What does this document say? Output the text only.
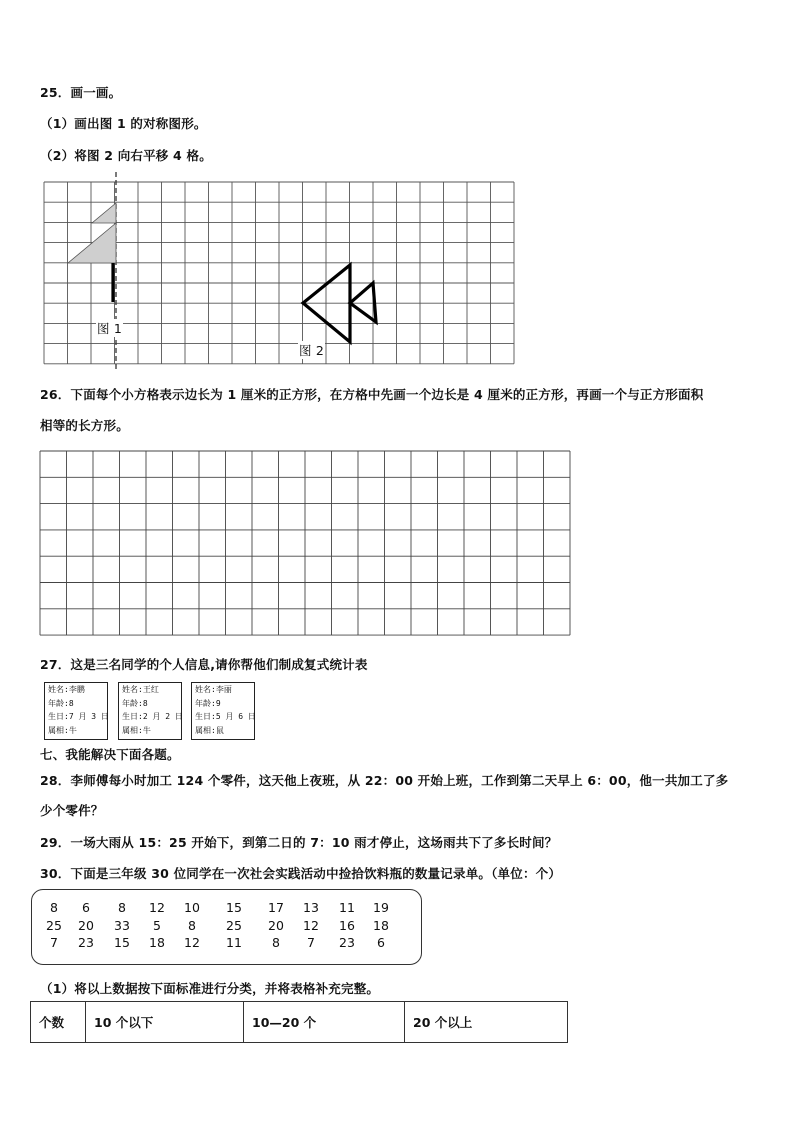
25．画一画。
（1）画出图 1 的对称图形。
（2）将图 2 向右平移 4 格。
图 1
图 2
26．下面每个小方格表示边长为 1 厘米的正方形，在方格中先画一个边长是 4 厘米的正方形，再画一个与正方形面积
相等的长方形。
27．这是三名同学的个人信息,请你帮他们制成复式统计表
姓名:李鹏
年龄:8
生日:7 月 3 日
属相:牛
姓名:王红
年龄:8
生日:2 月 2 日
属相:牛
姓名:李丽
年龄:9
生日:5 月 6 日
属相:鼠
七、我能解决下面各题。
28．李师傅每小时加工 124 个零件，这天他上夜班，从 22：00 开始上班，工作到第二天早上 6：00，他一共加工了多
少个零件？
29．一场大雨从 15：25 开始下，到第二日的 7：10 雨才停止，这场雨共下了多长时间？
30．下面是三年级 30 位同学在一次社会实践活动中捡拾饮料瓶的数量记录单。（单位：个）
8	6	8	12	10	15	17	13	11	19
25	20	33	5	8	25	20	12	16	18
7	23	15	18	12	11	8	7	23	6
（1）将以上数据按下面标准进行分类，并将表格补充完整。
个数	10 个以下	10—20 个	20 个以上
